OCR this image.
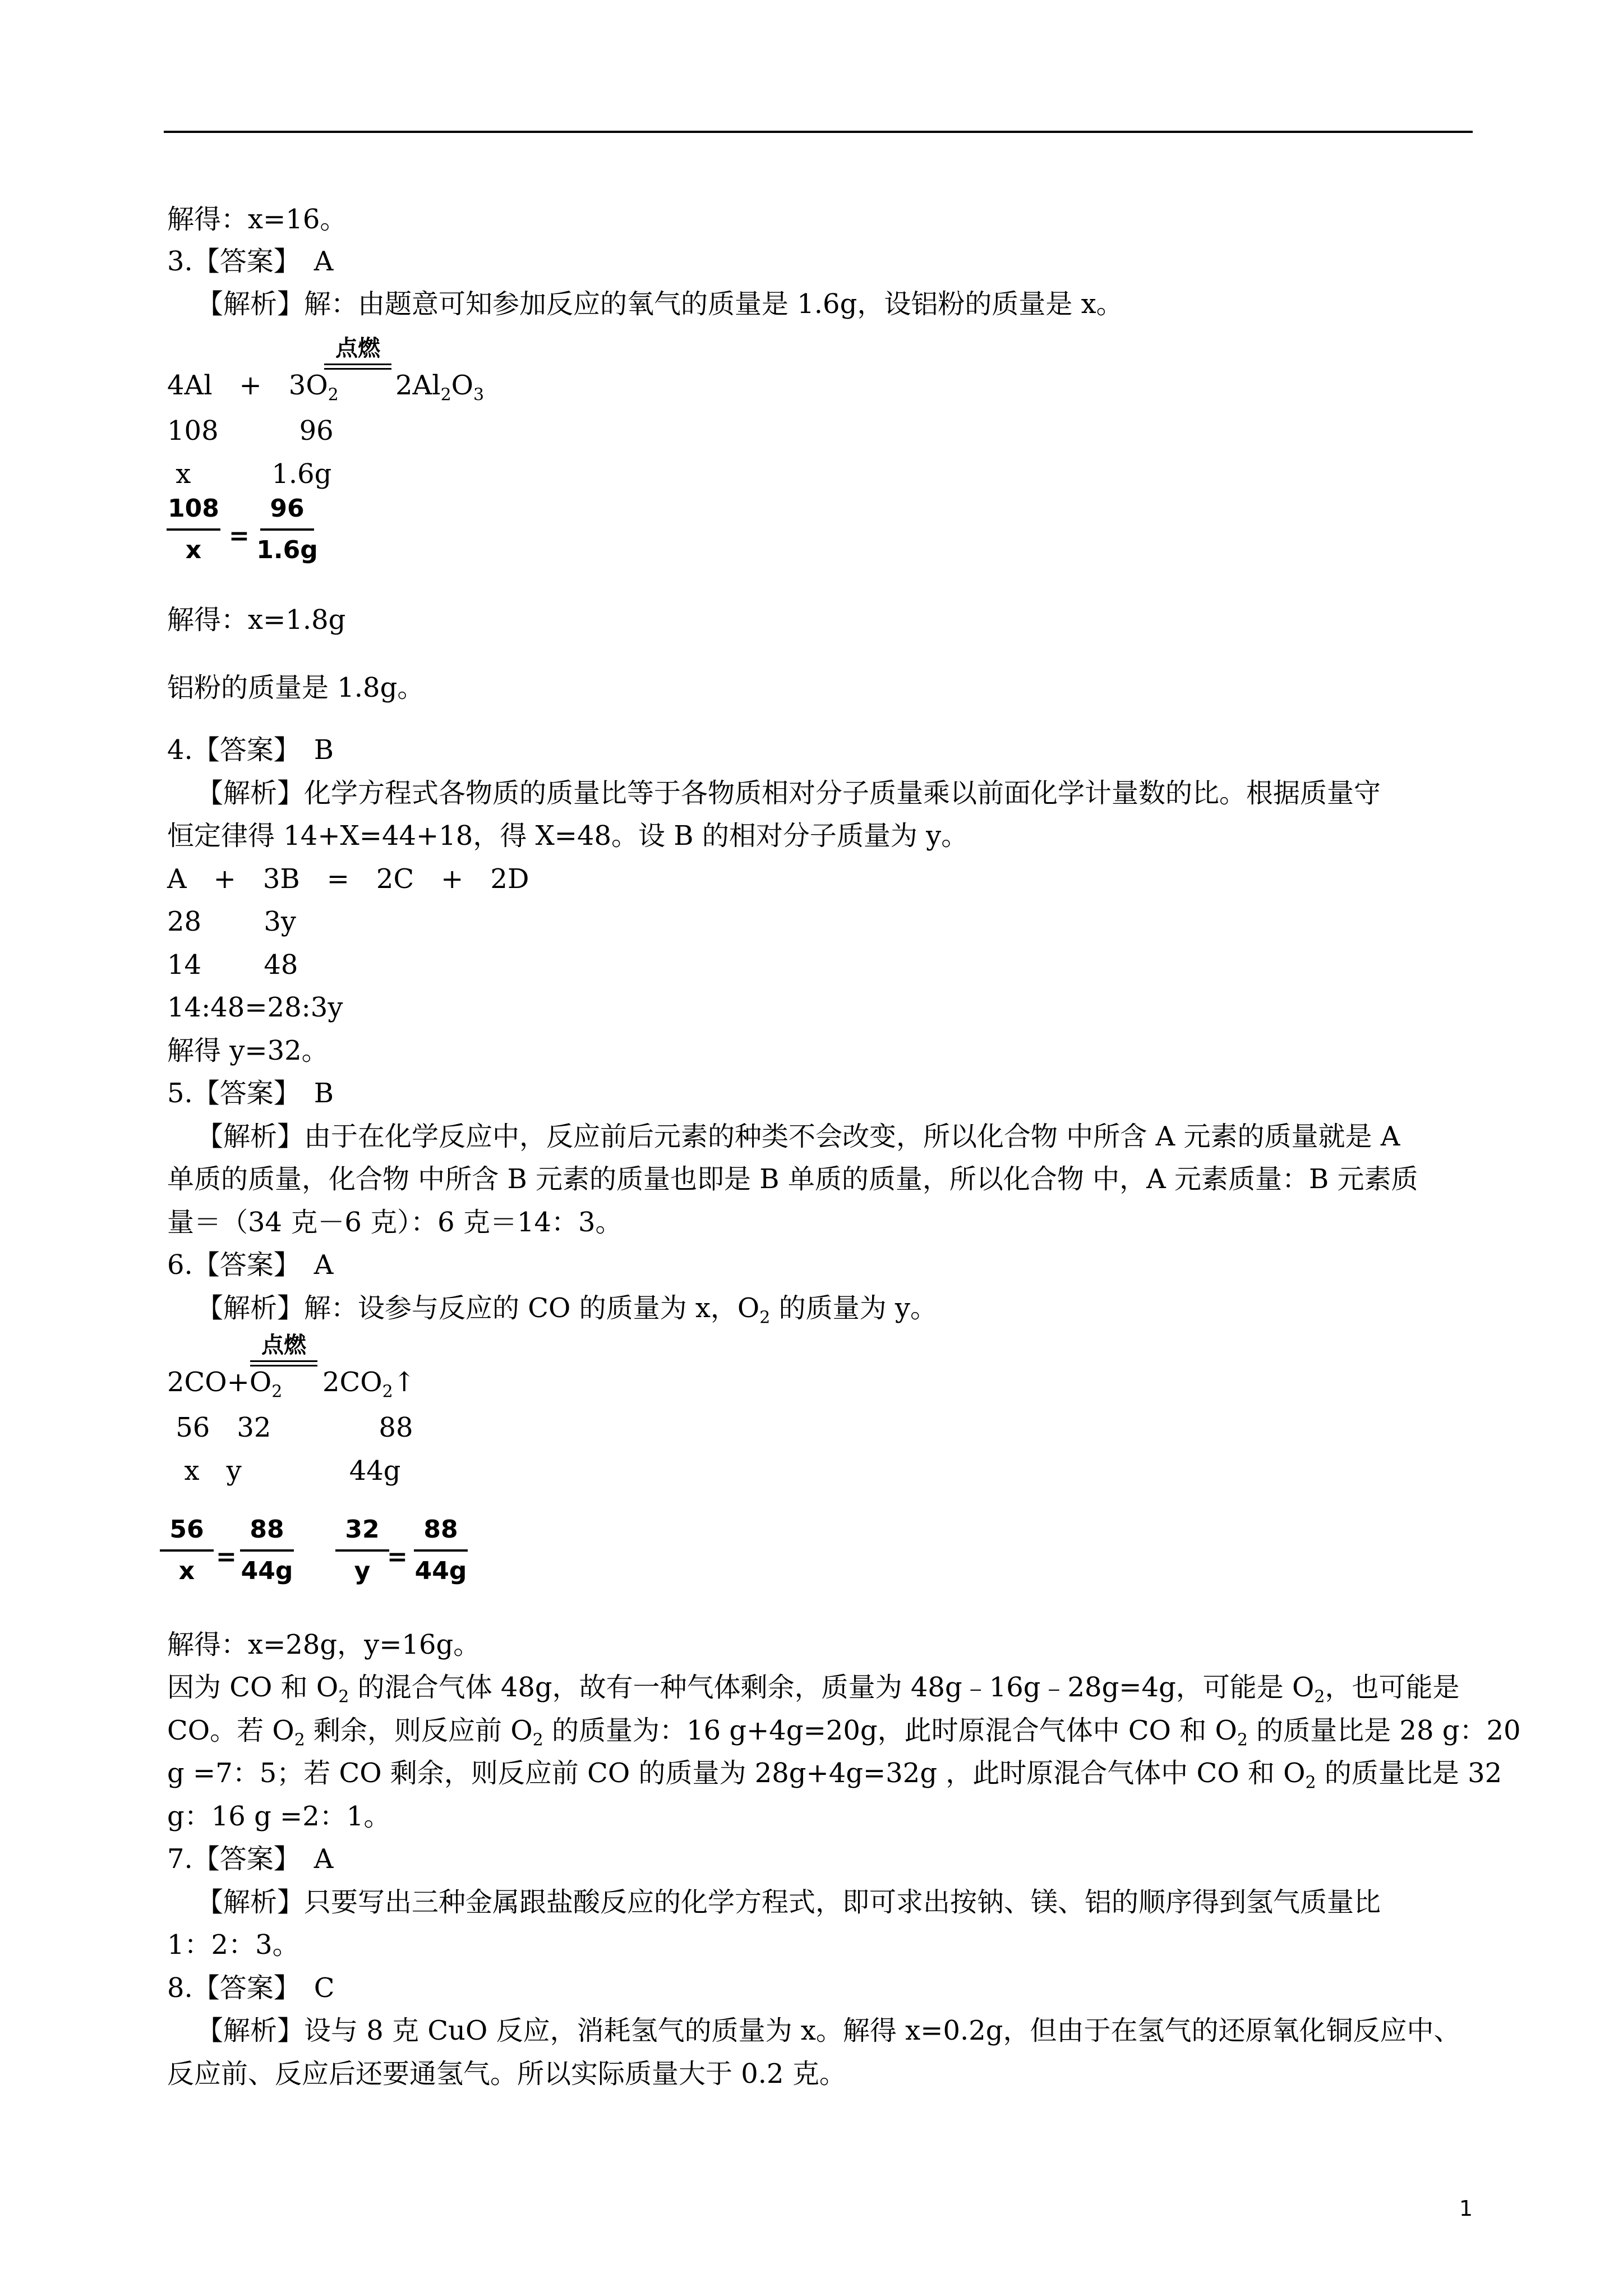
解得：x=16。
3.【答案】　A
【解析】解：由题意可知参加反应的氧气的质量是 1.6g，设铝粉的质量是 x。
点燃
4Al　+　$3O_2$ $2Al_2O_3$
108　　　96
x　　　1.6g
108
x =
96
1.6g
解得：x=1.8g
铝粉的质量是 1.8g。
4.【答案】　B
【解析】化学方程式各物质的质量比等于各物质相对分子质量乘以前面化学计量数的比。根据质量守
恒定律得 14+X=44+18，得 X=48。设 B 的相对分子质量为 y。
A　+　3B　=　2C　+　2D
28　　 3y
14　　 48
14:48=28:3y
解得 y=32。
5.【答案】　B
【解析】由于在化学反应中，反应前后元素的种类不会改变，所以化合物 中所含 A 元素的质量就是 A
单质的质量，化合物 中所含 B 元素的质量也即是 B 单质的质量，所以化合物 中，A 元素质量：B 元素质
量＝（34 克－6 克）：6 克＝14：3。
6.【答案】　A
【解析】解：设参与反应的 CO 的质量为 x，$O_2$ 的质量为 y。
点燃
$2CO+O_2$ $2CO_2↑$
56　32　　　　88
x　y　　　　44g
56
x =
88
44g
32
y =
88
44g
解得：x=28g，y=16g。
因为 CO 和 $O_2$ 的混合气体 48g，故有一种气体剩余，质量为 48g﹣16g﹣28g=4g，可能是 $O_2$，也可能是
CO。若 $O_2$ 剩余，则反应前 $O_2$ 的质量为：16 g+4g=20g，此时原混合气体中 CO 和 $O_2$ 的质量比是 28 g：20
g =7：5；若 CO 剩余，则反应前 CO 的质量为 28g+4g=32g ，此时原混合气体中 CO 和 $O_2$ 的质量比是 32
g：16 g =2：1。
7.【答案】　A
【解析】只要写出三种金属跟盐酸反应的化学方程式，即可求出按钠、镁、铝的顺序得到氢气质量比
1：2：3。
8.【答案】　C
【解析】设与 8 克 CuO 反应，消耗氢气的质量为 x。解得 x=0.2g，但由于在氢气的还原氧化铜反应中、
反应前、反应后还要通氢气。所以实际质量大于 0.2 克。
1
